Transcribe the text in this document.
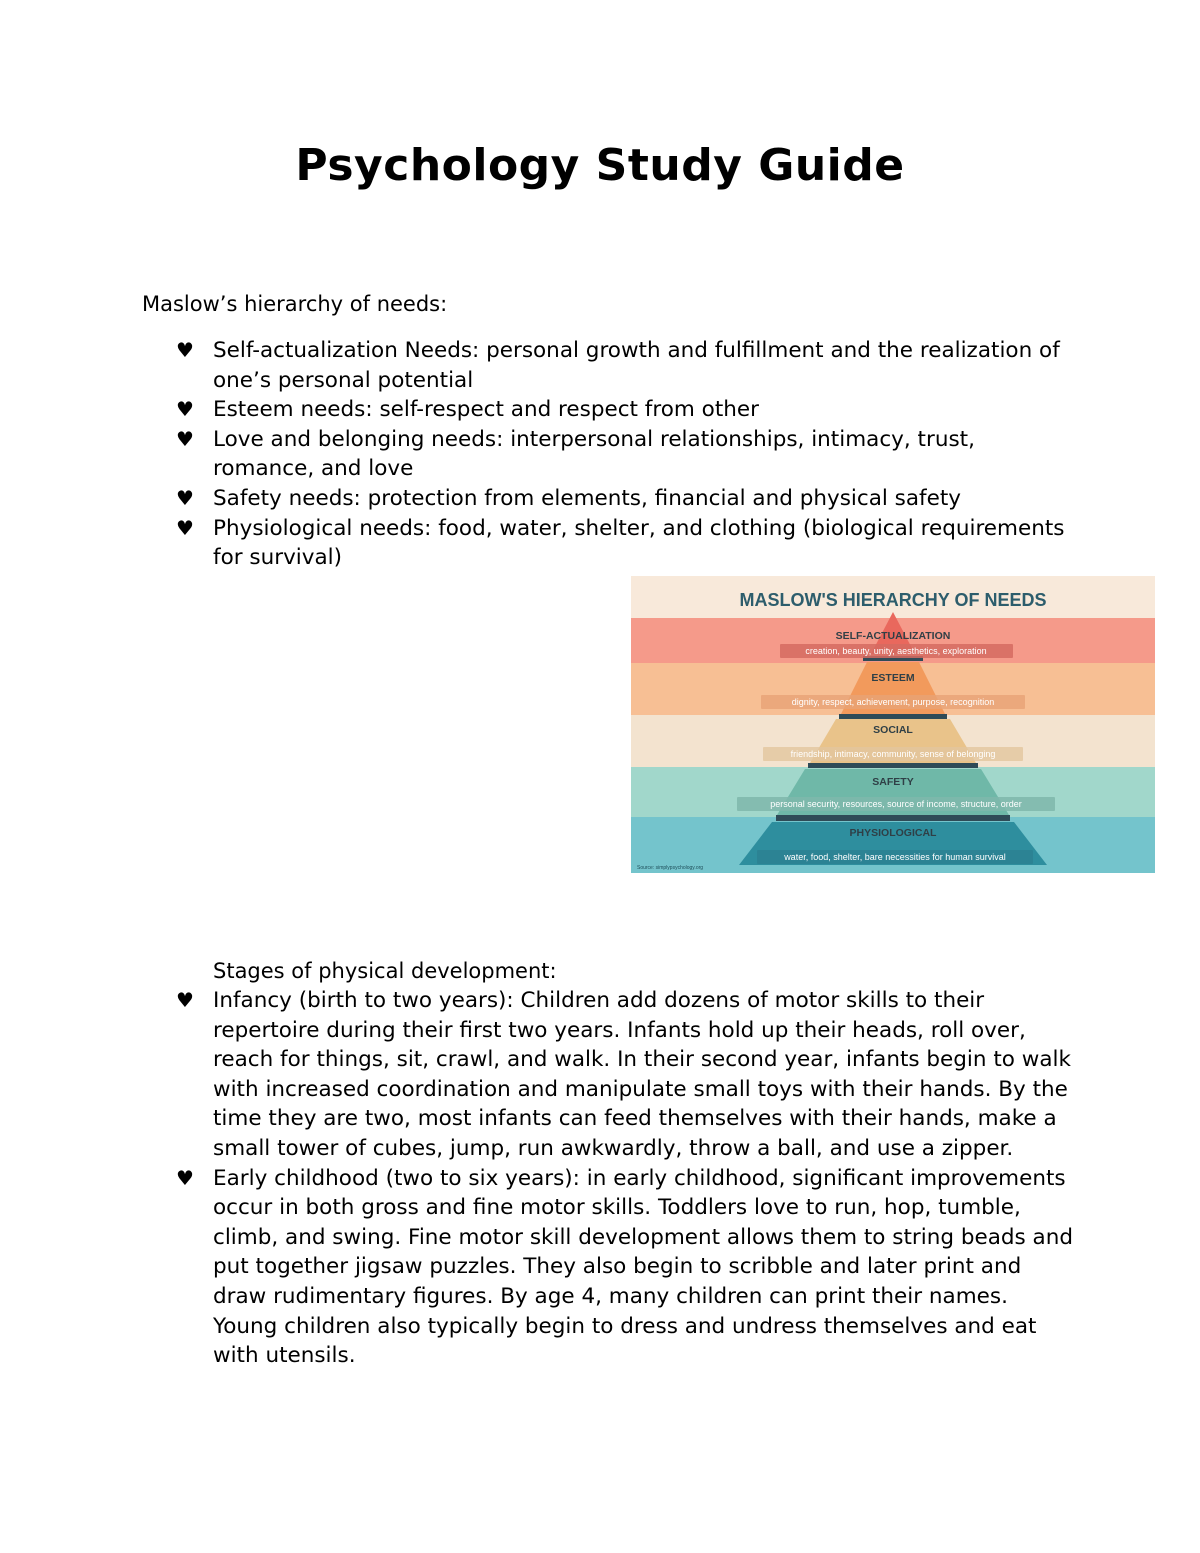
Psychology Study Guide

Maslow’s hierarchy of needs:

♥ Self-actualization Needs: personal growth and fulfillment and the realization of one’s personal potential
♥ Esteem needs: self-respect and respect from other
♥ Love and belonging needs: interpersonal relationships, intimacy, trust, romance, and love
♥ Safety needs: protection from elements, financial and physical safety
♥ Physiological needs: food, water, shelter, and clothing (biological requirements for survival)
MASLOW'S HIERARCHY OF NEEDS
SELF-ACTUALIZATION
ESTEEM
SOCIAL
SAFETY
PHYSIOLOGICAL
creation, beauty, unity, aesthetics, exploration
dignity, respect, achievement, purpose, recognition
friendship, intimacy, community, sense of belonging
personal security, resources, source of income, structure, order
water, food, shelter, bare necessities for human survival
Source: simplypsychology.org

Stages of physical development:

♥ Infancy (birth to two years): Children add dozens of motor skills to their repertoire during their first two years. Infants hold up their heads, roll over, reach for things, sit, crawl, and walk. In their second year, infants begin to walk with increased coordination and manipulate small toys with their hands. By the time they are two, most infants can feed themselves with their hands, make a small tower of cubes, jump, run awkwardly, throw a ball, and use a zipper.
♥ Early childhood (two to six years): in early childhood, significant improvements occur in both gross and fine motor skills. Toddlers love to run, hop, tumble, climb, and swing. Fine motor skill development allows them to string beads and put together jigsaw puzzles. They also begin to scribble and later print and draw rudimentary figures. By age 4, many children can print their names. Young children also typically begin to dress and undress themselves and eat with utensils.
